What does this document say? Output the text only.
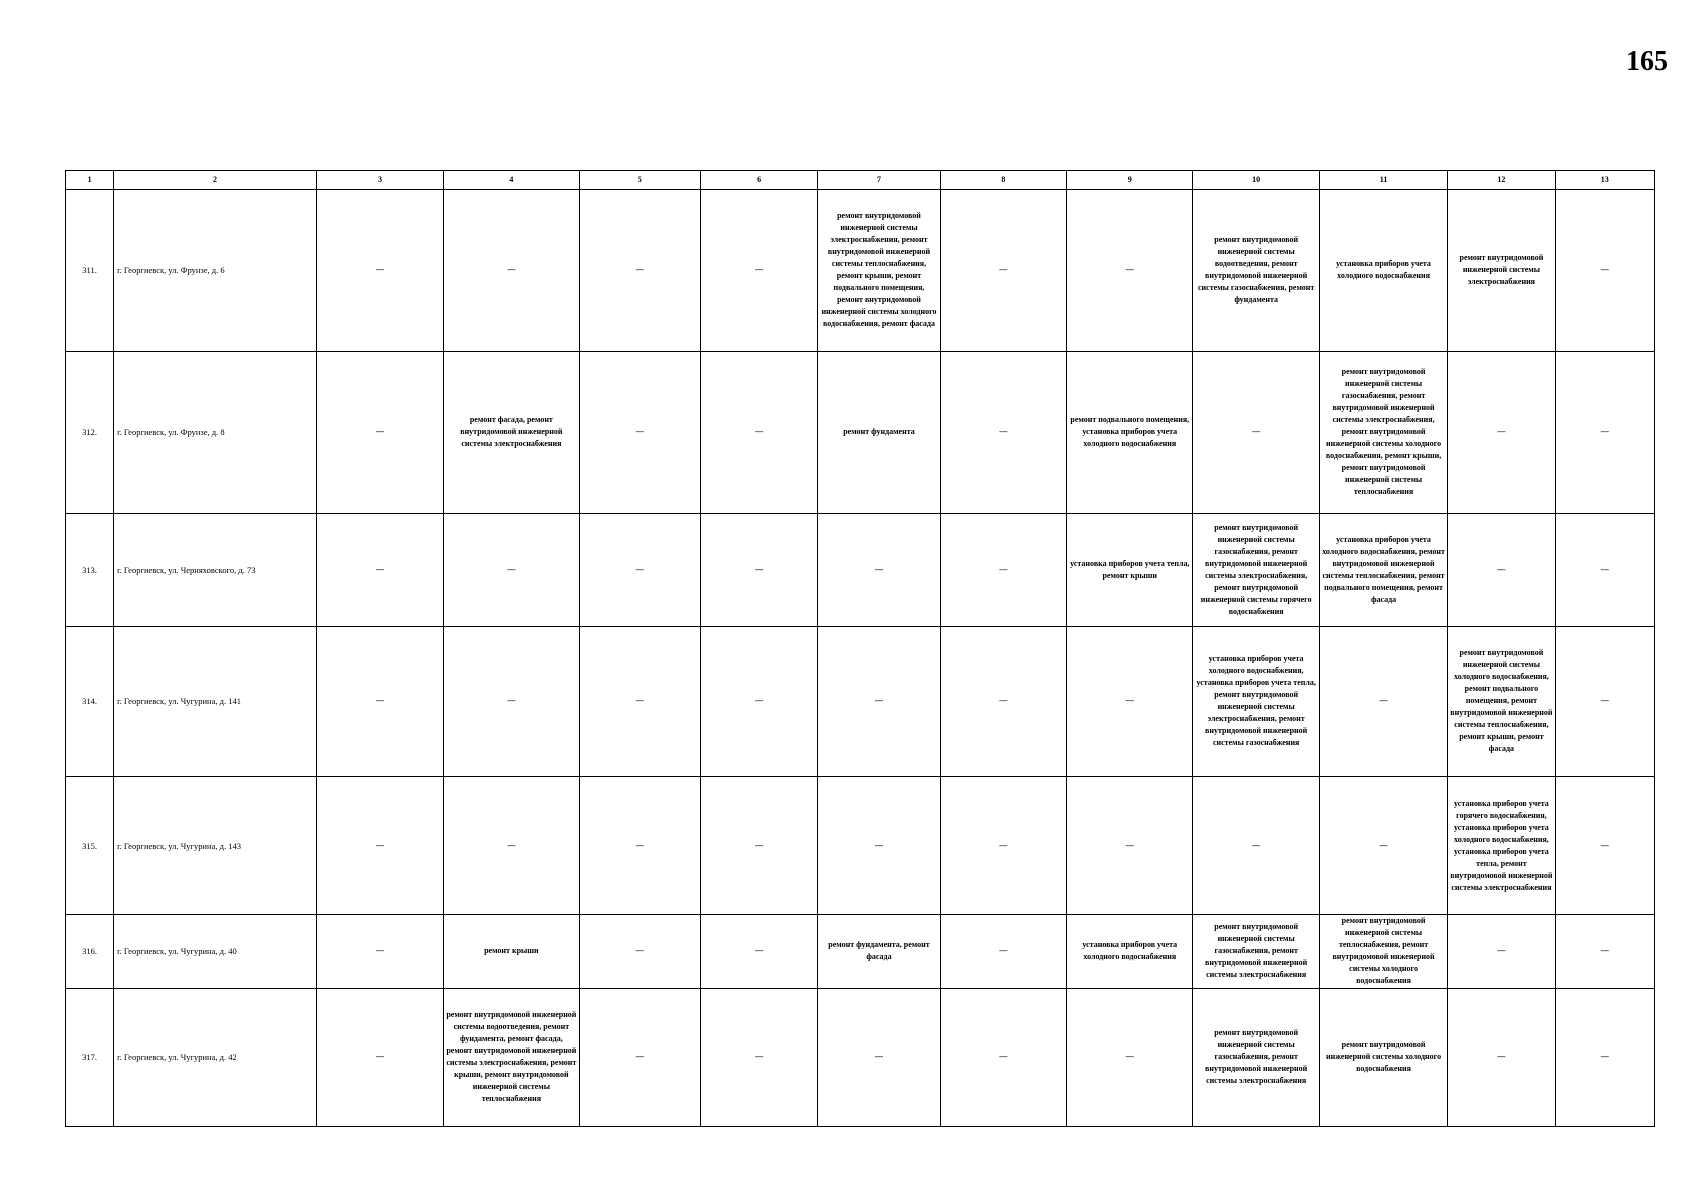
165
1	2	3	4	5	6	7	8	9	10	11	12	13
311.	г. Георгиевск, ул. Фрунзе, д. 6	—	—	—	—	ремонт внутридомовой инженерной системы электроснабжения, ремонт внутридомовой инженерной системы теплоснабжения, ремонт крыши, ремонт подвального помещения, ремонт внутридомовой инженерной системы холодного водоснабжения, ремонт фасада	—	—	ремонт внутридомовой инженерной системы водоотведения, ремонт внутридомовой инженерной системы газоснабжения, ремонт фундамента	установка приборов учета холодного водоснабжения	ремонт внутридомовой инженерной системы электроснабжения	—
312.	г. Георгиевск, ул. Фрунзе, д. 8	—	ремонт фасада, ремонт внутридомовой инженерной системы электроснабжения	—	—	ремонт фундамента	—	ремонт подвального помещения, установка приборов учета холодного водоснабжения	—	ремонт внутридомовой инженерной системы газоснабжения, ремонт внутридомовой инженерной системы электроснабжения, ремонт внутридомовой инженерной системы холодного водоснабжения, ремонт крыши, ремонт внутридомовой инженерной системы теплоснабжения	—	—
313.	г. Георгиевск, ул. Черняховского, д. 73	—	—	—	—	—	—	установка приборов учета тепла, ремонт крыши	ремонт внутридомовой инженерной системы газоснабжения, ремонт внутридомовой инженерной системы электроснабжения, ремонт внутридомовой инженерной системы горячего водоснабжения	установка приборов учета холодного водоснабжения, ремонт внутридомовой инженерной системы теплоснабжения, ремонт подвального помещения, ремонт фасада	—	—
314.	г. Георгиевск, ул. Чугурина, д. 141	—	—	—	—	—	—	—	установка приборов учета холодного водоснабжения, установка приборов учета тепла, ремонт внутридомовой инженерной системы электроснабжения, ремонт внутридомовой инженерной системы газоснабжения	—	ремонт внутридомовой инженерной системы холодного водоснабжения, ремонт подвального помещения, ремонт внутридомовой инженерной системы теплоснабжения, ремонт крыши, ремонт фасада	—
315.	г. Георгиевск, ул. Чугурина, д. 143	—	—	—	—	—	—	—	—	—	установка приборов учета горячего водоснабжения, установка приборов учета холодного водоснабжения, установка приборов учета тепла, ремонт внутридомовой инженерной системы электроснабжения	—
316.	г. Георгиевск, ул. Чугурина, д. 40	—	ремонт крыши	—	—	ремонт фундамента, ремонт фасада	—	установка приборов учета холодного водоснабжения	ремонт внутридомовой инженерной системы газоснабжения, ремонт внутридомовой инженерной системы электроснабжения	ремонт внутридомовой инженерной системы теплоснабжения, ремонт внутридомовой инженерной системы холодного водоснабжения	—	—
317.	г. Георгиевск, ул. Чугурина, д. 42	—	ремонт внутридомовой инженерной системы водоотведения, ремонт фундамента, ремонт фасада, ремонт внутридомовой инженерной системы электроснабжения, ремонт крыши, ремонт внутридомовой инженерной системы теплоснабжения	—	—	—	—	—	ремонт внутридомовой инженерной системы газоснабжения, ремонт внутридомовой инженерной системы электроснабжения	ремонт внутридомовой инженерной системы холодного водоснабжения	—	—
